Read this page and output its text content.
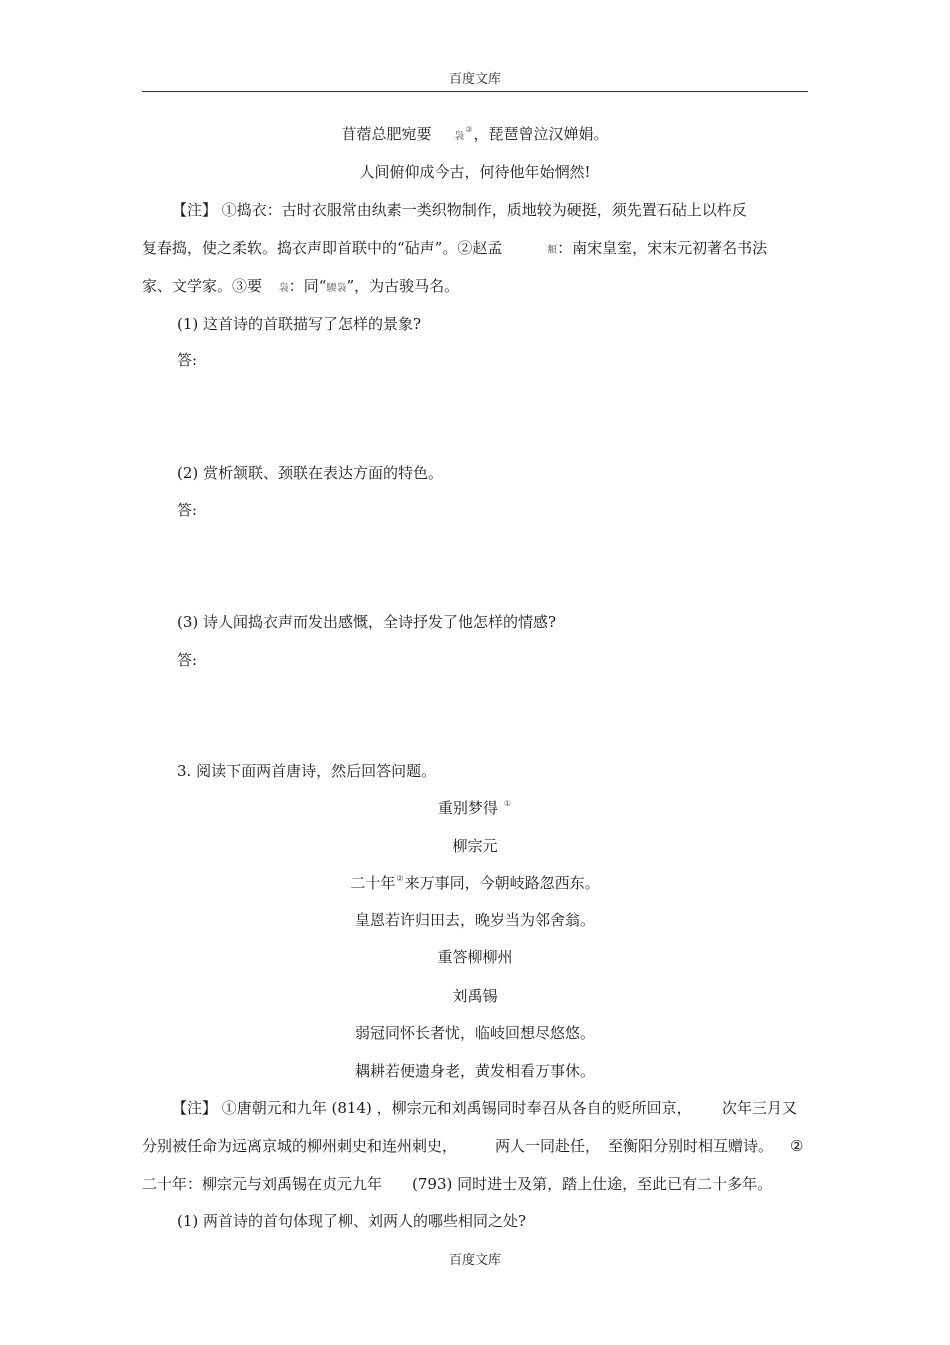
百度文库
苜蓿总肥宛要 袅③，琵琶曾泣汉婵娟。
人间俯仰成今古，何待他年始惘然!
【注】 ①捣衣：古时衣服常由纨素一类织物制作，质地较为硬挺，须先置石砧上以杵反
复春捣，使之柔软。捣衣声即首联中的“砧声”。②赵孟	頫：南宋皇室，宋末元初著名书法
家、文学家。③要 袅：同“騕袅”，为古骏马名。
(1) 这首诗的首联描写了怎样的景象?
答:
(2) 赏析颔联、颈联在表达方面的特色。
答:
(3) 诗人闻捣衣声而发出感慨，全诗抒发了他怎样的情感?
答:
3. 阅读下面两首唐诗，然后回答问题。
重别梦得 ①
柳宗元
二十年②来万事同，今朝岐路忽西东。
皇恩若许归田去，晚岁当为邻舍翁。
重答柳柳州
刘禹锡
弱冠同怀长者忧，临岐回想尽悠悠。
耦耕若便遗身老，黄发相看万事休。
【注】 ①唐朝元和九年 (814) ，柳宗元和刘禹锡同时奉召从各自的贬所回京， 次年三月又
分别被任命为远离京城的柳州刺史和连州刺史，	两人一同赴任， 至衡阳分别时相互赠诗。 ②
二十年：柳宗元与刘禹锡在贞元九年 (793) 同时进士及第，踏上仕途，至此已有二十多年。
(1) 两首诗的首句体现了柳、刘两人的哪些相同之处?
百度文库
